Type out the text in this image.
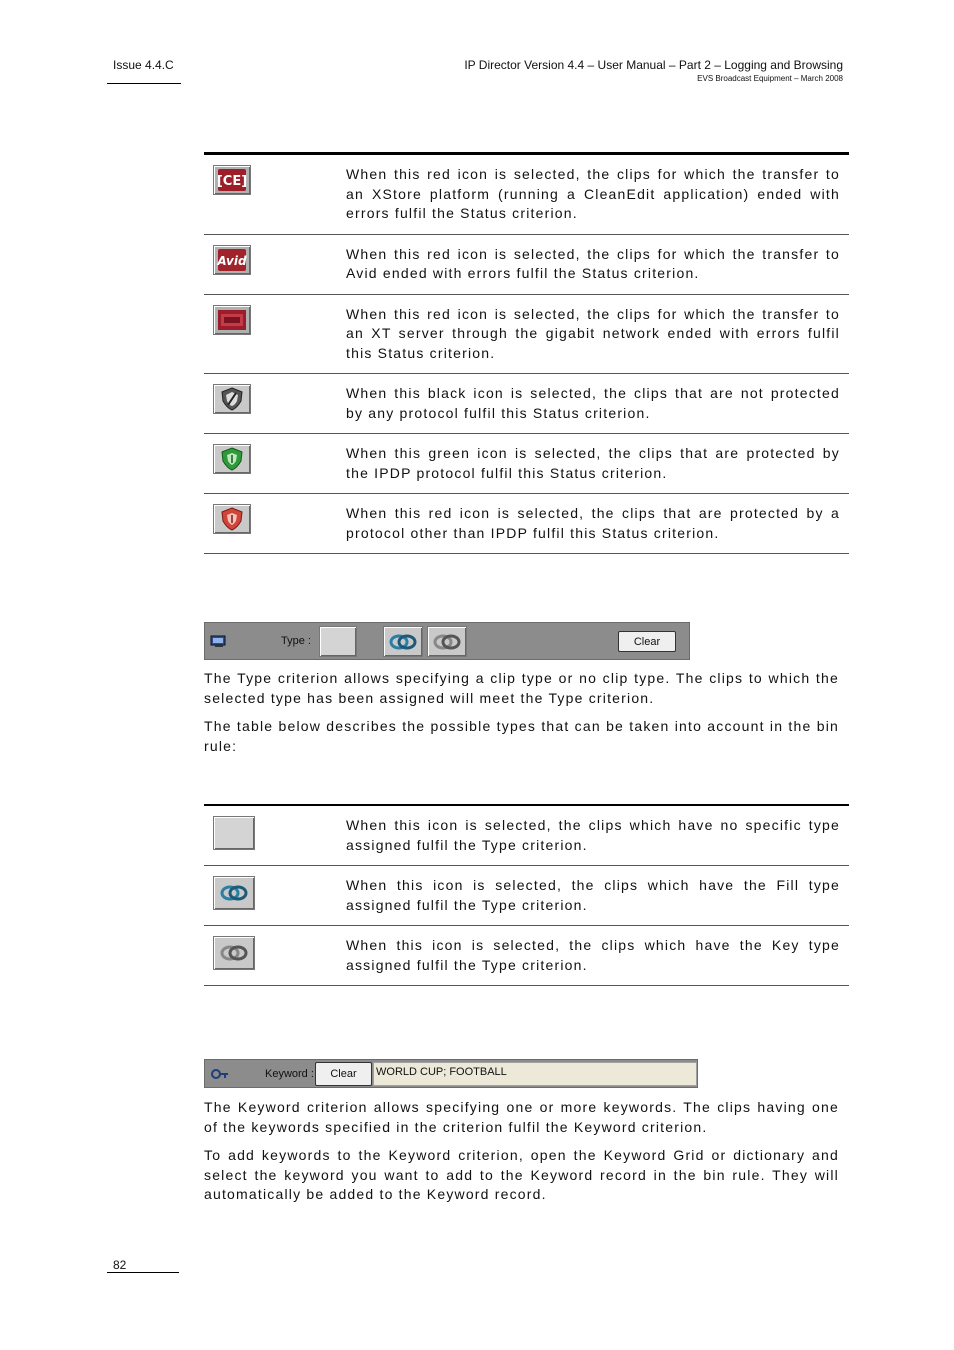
Issue 4.4.C	IP Director Version 4.4 – User Manual – Part 2 – Logging and Browsing
EVS Broadcast Equipment – March 2008
[CE]	When this red icon is selected, the clips for which the transfer to an XStore platform (running a CleanEdit application) ended with errors fulfil the Status criterion.

Avid	When this red icon is selected, the clips for which the transfer to Avid ended with errors fulfil the Status criterion.

	When this red icon is selected, the clips for which the transfer to an XT server through the gigabit network ended with errors fulfil this Status criterion.

	When this black icon is selected, the clips that are not protected by any protocol fulfil this Status criterion.

	When this green icon is selected, the clips that are protected by the IPDP protocol fulfil this Status criterion.

	When this red icon is selected, the clips that are protected by a protocol other than IPDP fulfil this Status criterion.
Type :	Clear
The Type criterion allows specifying a clip type or no clip type. The clips to which the selected type has been assigned will meet the Type criterion.
The table below describes the possible types that can be taken into account in the bin rule:
	When this icon is selected, the clips which have no specific type assigned fulfil the Type criterion.

	When this icon is selected, the clips which have the Fill type assigned fulfil the Type criterion.

	When this icon is selected, the clips which have the Key type assigned fulfil the Type criterion.
Keyword :	Clear	WORLD CUP; FOOTBALL
The Keyword criterion allows specifying one or more keywords. The clips having one of the keywords specified in the criterion fulfil the Keyword criterion.
To add keywords to the Keyword criterion, open the Keyword Grid or dictionary and select the keyword you want to add to the Keyword record in the bin rule. They will automatically be added to the Keyword record.
82
